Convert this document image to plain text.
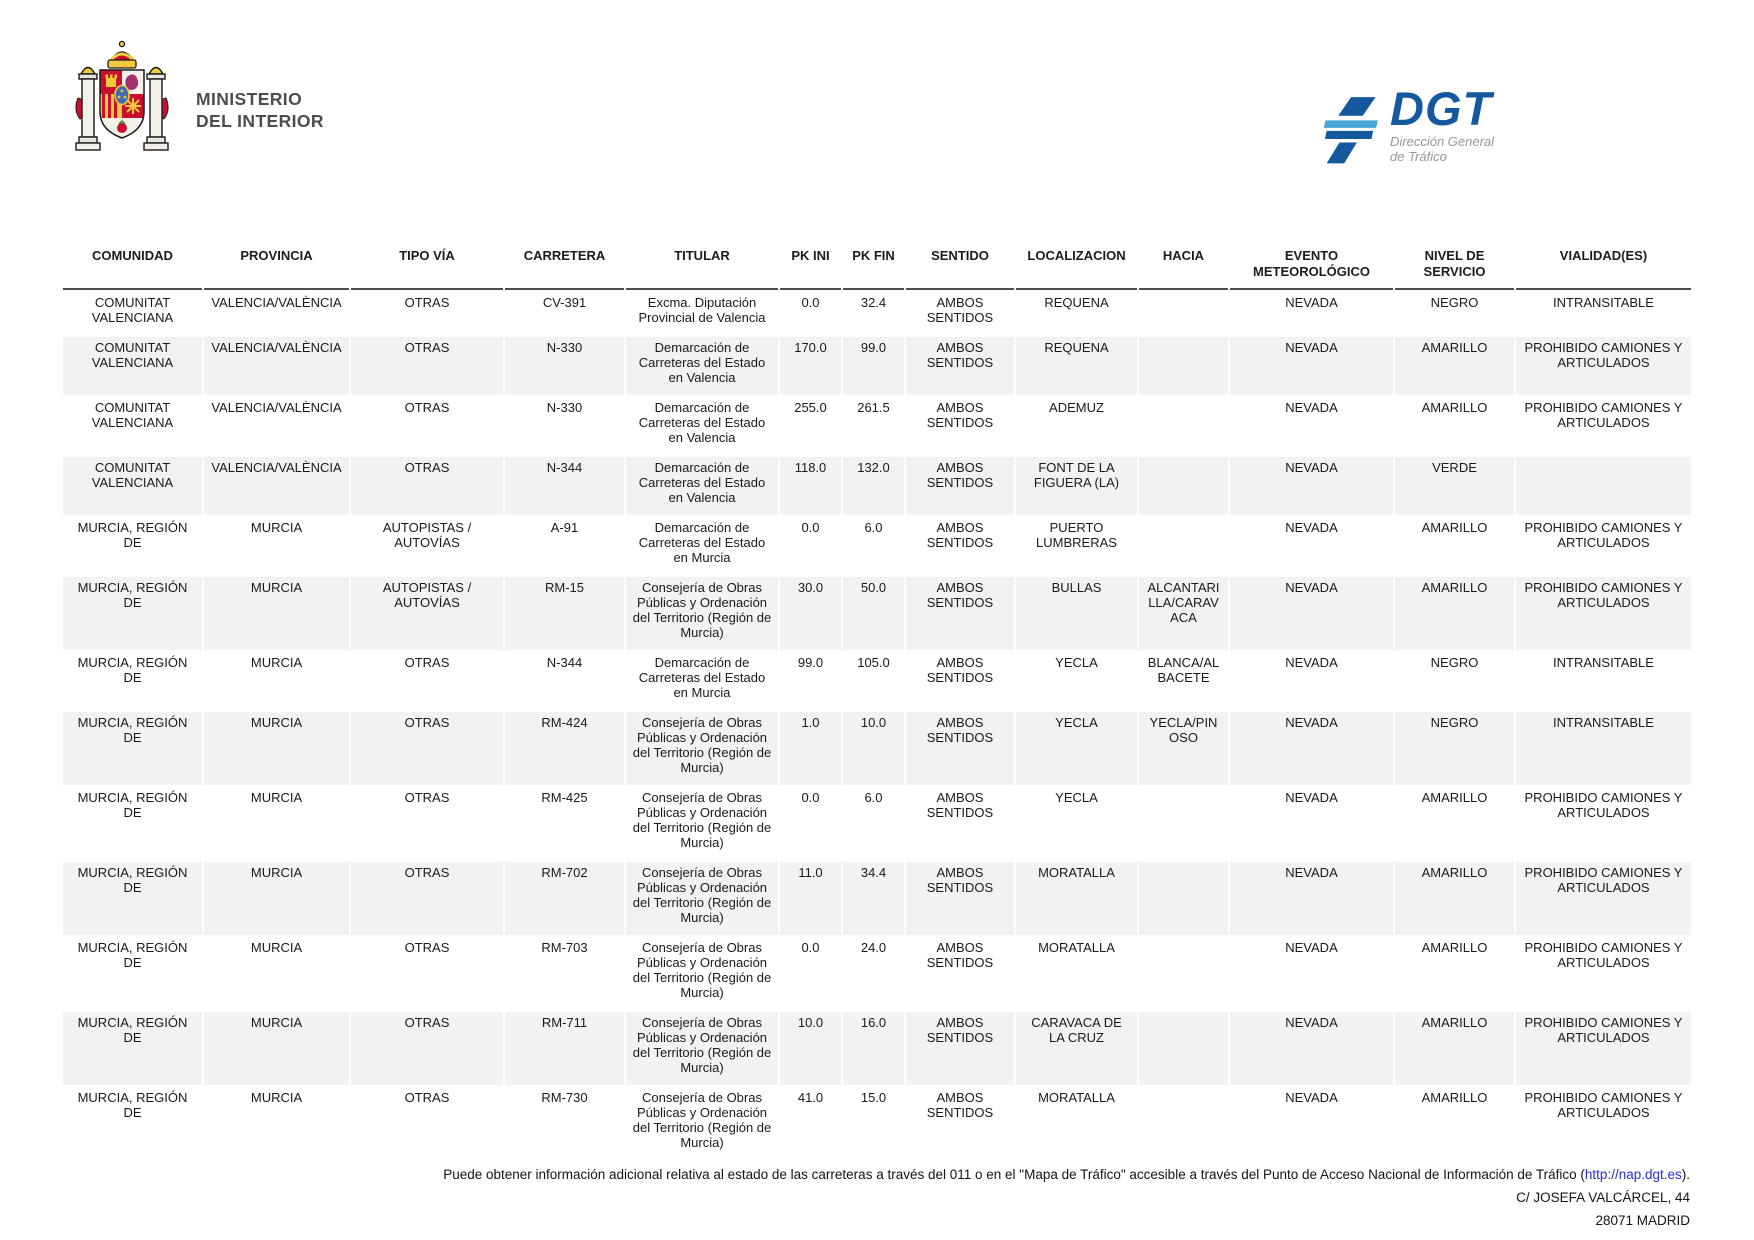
MINISTERIO
DEL INTERIOR	DGT
Dirección General
de Tráfico
COMUNIDAD	PROVINCIA	TIPO VÍA	CARRETERA	TITULAR	PK INI	PK FIN	SENTIDO	LOCALIZACION	HACIA	EVENTO METEOROLÓGICO	NIVEL DE SERVICIO	VIALIDAD(ES)
COMUNITAT VALENCIANA	VALENCIA/VALÈNCIA	OTRAS	CV-391	Excma. Diputación Provincial de Valencia	0.0	32.4	AMBOS SENTIDOS	REQUENA		NEVADA	NEGRO	INTRANSITABLE
COMUNITAT VALENCIANA	VALENCIA/VALÈNCIA	OTRAS	N-330	Demarcación de Carreteras del Estado en Valencia	170.0	99.0	AMBOS SENTIDOS	REQUENA		NEVADA	AMARILLO	PROHIBIDO CAMIONES Y ARTICULADOS
COMUNITAT VALENCIANA	VALENCIA/VALÈNCIA	OTRAS	N-330	Demarcación de Carreteras del Estado en Valencia	255.0	261.5	AMBOS SENTIDOS	ADEMUZ		NEVADA	AMARILLO	PROHIBIDO CAMIONES Y ARTICULADOS
COMUNITAT VALENCIANA	VALENCIA/VALÈNCIA	OTRAS	N-344	Demarcación de Carreteras del Estado en Valencia	118.0	132.0	AMBOS SENTIDOS	FONT DE LA FIGUERA (LA)		NEVADA	VERDE	
MURCIA, REGIÓN DE	MURCIA	AUTOPISTAS / AUTOVÍAS	A-91	Demarcación de Carreteras del Estado en Murcia	0.0	6.0	AMBOS SENTIDOS	PUERTO LUMBRERAS		NEVADA	AMARILLO	PROHIBIDO CAMIONES Y ARTICULADOS
MURCIA, REGIÓN DE	MURCIA	AUTOPISTAS / AUTOVÍAS	RM-15	Consejería de Obras Públicas y Ordenación del Territorio (Región de Murcia)	30.0	50.0	AMBOS SENTIDOS	BULLAS	ALCANTARILLA/CARAVACA	NEVADA	AMARILLO	PROHIBIDO CAMIONES Y ARTICULADOS
MURCIA, REGIÓN DE	MURCIA	OTRAS	N-344	Demarcación de Carreteras del Estado en Murcia	99.0	105.0	AMBOS SENTIDOS	YECLA	BLANCA/ALBACETE	NEVADA	NEGRO	INTRANSITABLE
MURCIA, REGIÓN DE	MURCIA	OTRAS	RM-424	Consejería de Obras Públicas y Ordenación del Territorio (Región de Murcia)	1.0	10.0	AMBOS SENTIDOS	YECLA	YECLA/PINOSO	NEVADA	NEGRO	INTRANSITABLE
MURCIA, REGIÓN DE	MURCIA	OTRAS	RM-425	Consejería de Obras Públicas y Ordenación del Territorio (Región de Murcia)	0.0	6.0	AMBOS SENTIDOS	YECLA		NEVADA	AMARILLO	PROHIBIDO CAMIONES Y ARTICULADOS
MURCIA, REGIÓN DE	MURCIA	OTRAS	RM-702	Consejería de Obras Públicas y Ordenación del Territorio (Región de Murcia)	11.0	34.4	AMBOS SENTIDOS	MORATALLA		NEVADA	AMARILLO	PROHIBIDO CAMIONES Y ARTICULADOS
MURCIA, REGIÓN DE	MURCIA	OTRAS	RM-703	Consejería de Obras Públicas y Ordenación del Territorio (Región de Murcia)	0.0	24.0	AMBOS SENTIDOS	MORATALLA		NEVADA	AMARILLO	PROHIBIDO CAMIONES Y ARTICULADOS
MURCIA, REGIÓN DE	MURCIA	OTRAS	RM-711	Consejería de Obras Públicas y Ordenación del Territorio (Región de Murcia)	10.0	16.0	AMBOS SENTIDOS	CARAVACA DE LA CRUZ		NEVADA	AMARILLO	PROHIBIDO CAMIONES Y ARTICULADOS
MURCIA, REGIÓN DE	MURCIA	OTRAS	RM-730	Consejería de Obras Públicas y Ordenación del Territorio (Región de Murcia)	41.0	15.0	AMBOS SENTIDOS	MORATALLA		NEVADA	AMARILLO	PROHIBIDO CAMIONES Y ARTICULADOS
Puede obtener información adicional relativa al estado de las carreteras a través del 011 o en el "Mapa de Tráfico" accesible a través del Punto de Acceso Nacional de Información de Tráfico (http://nap.dgt.es).
C/ JOSEFA VALCÁRCEL, 44
28071 MADRID
